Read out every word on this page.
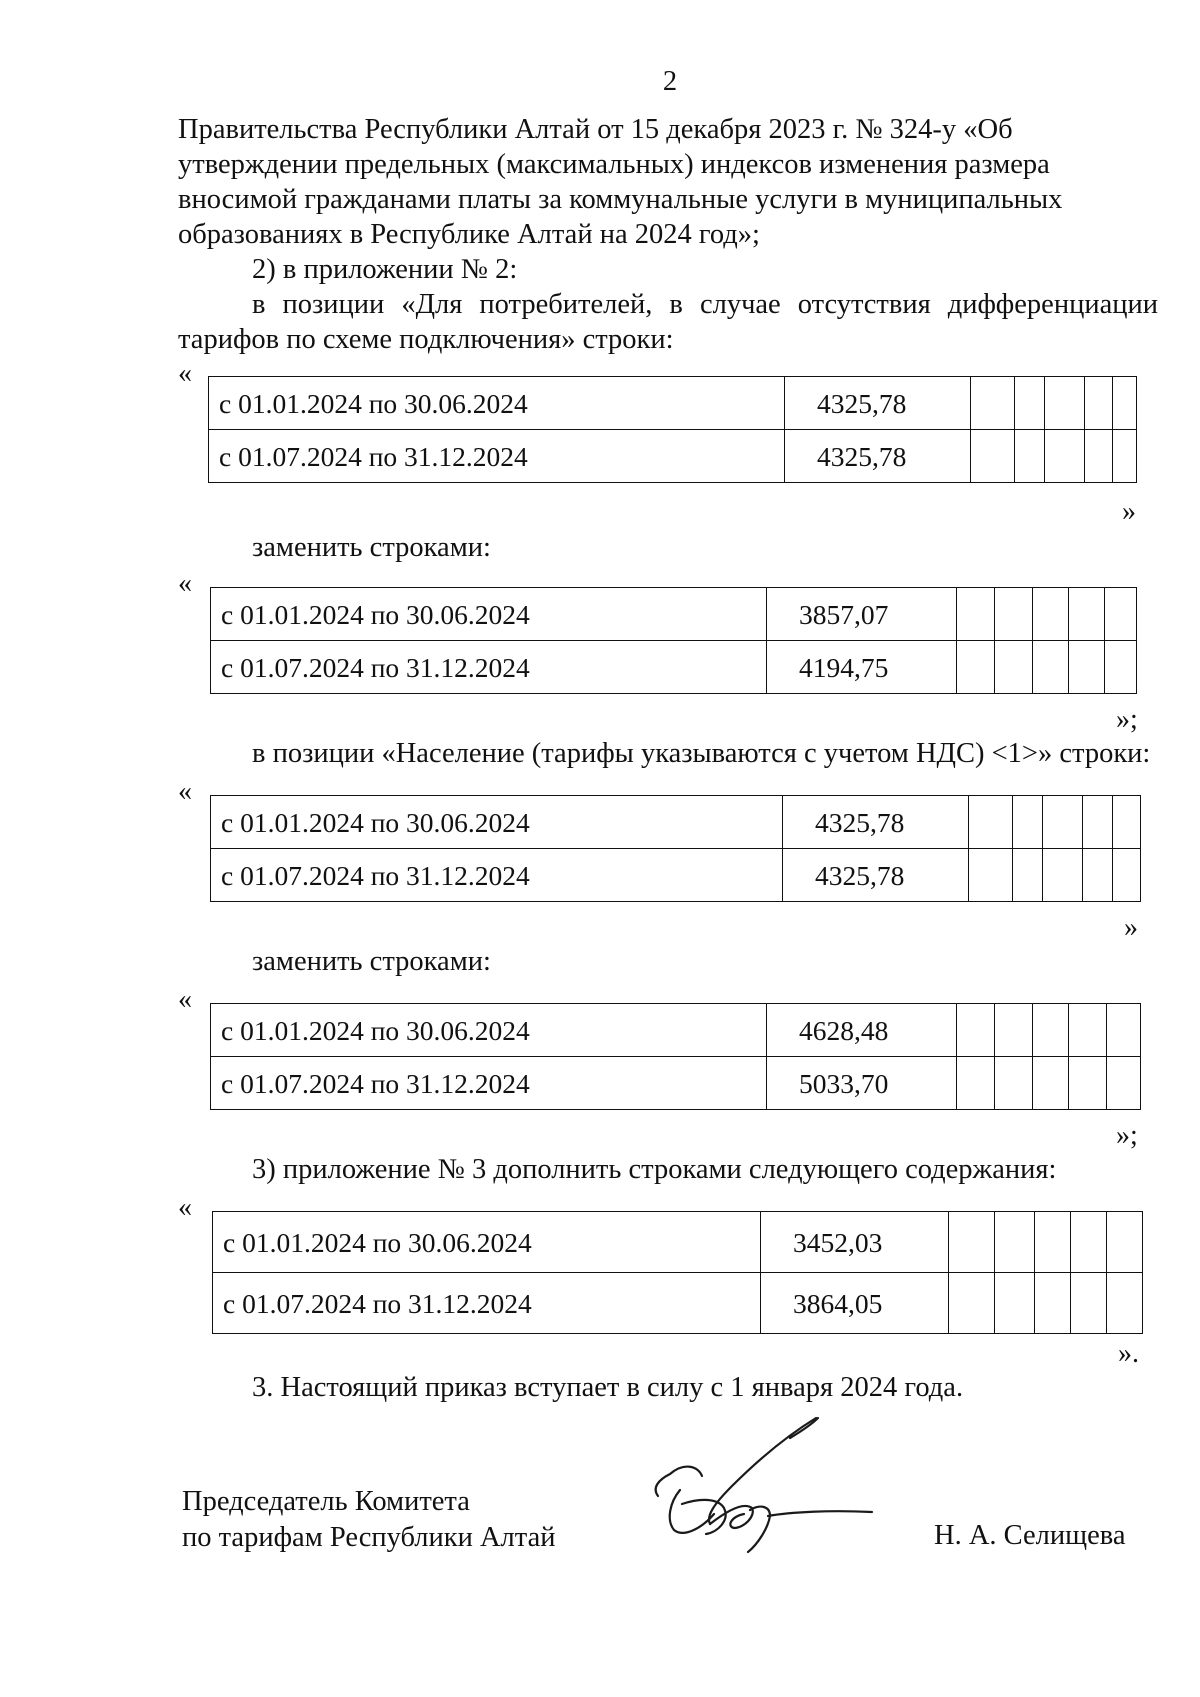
2
Правительства Республики Алтай от 15 декабря 2023 г. № 324-у «Об
утверждении предельных (максимальных) индексов изменения размера
вносимой гражданами платы за коммунальные услуги в муниципальных
образованиях в Республике Алтай на 2024 год»;
2) в приложении № 2:
в позиции «Для потребителей, в случае отсутствия дифференциации
тарифов по схеме подключения» строки:
«
с 01.01.2024 по 30.06.2024	4325,78					
с 01.07.2024 по 31.12.2024	4325,78					
»
заменить строками:
«
с 01.01.2024 по 30.06.2024	3857,07					
с 01.07.2024 по 31.12.2024	4194,75					
»;
в позиции «Население (тарифы указываются с учетом НДС) <1>» строки:
«
с 01.01.2024 по 30.06.2024	4325,78					
с 01.07.2024 по 31.12.2024	4325,78					
»
заменить строками:
«
с 01.01.2024 по 30.06.2024	4628,48					
с 01.07.2024 по 31.12.2024	5033,70					
»;
3) приложение № 3 дополнить строками следующего содержания:
«
с 01.01.2024 по 30.06.2024	3452,03					
с 01.07.2024 по 31.12.2024	3864,05					
».
3. Настоящий приказ вступает в силу с 1 января 2024 года.
Председатель Комитета
по тарифам Республики Алтай	Н. А. Селищева
